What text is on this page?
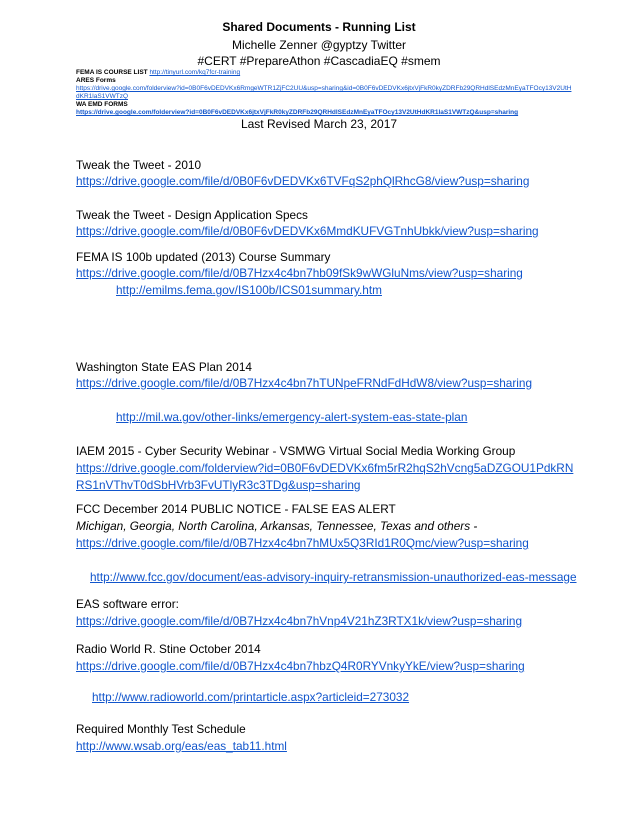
Shared Documents - Running List
Michelle Zenner @gyptzy Twitter
#CERT #PrepareAthon #CascadiaEQ #smem
FEMA IS COURSE LIST http://tinyurl.com/kq7fcr-training
ARES Forms
https://drive.google.com/folderview?id=0B0F6vDEDVKx6RmgeWTR1ZjFC2UU&usp=sharing&id=0B0F6vDEDVKx6jtxVjFkR0kyZDRFb29QRHdlSEdzMnEyaTFOcy13V2UtH
dKR1laS1VWTzQ
WA EMD FORMS
https://drive.google.com/folderview?id=0B0F6vDEDVKx6jtxVjFkR0kyZDRFb29QRHdlSEdzMnEyaTFOcy13V2UtHdKR1laS1VWTzQ&usp=sharing
Last Revised March 23, 2017
Tweak the Tweet - 2010
https://drive.google.com/file/d/0B0F6vDEDVKx6TVFqS2phQlRhcG8/view?usp=sharing
Tweak the Tweet - Design Application Specs
https://drive.google.com/file/d/0B0F6vDEDVKx6MmdKUFVGTnhUbkk/view?usp=sharing
FEMA IS 100b updated (2013) Course Summary
https://drive.google.com/file/d/0B7Hzx4c4bn7hb09fSk9wWGluNms/view?usp=sharing
http://emilms.fema.gov/IS100b/ICS01summary.htm
Washington State EAS Plan 2014
https://drive.google.com/file/d/0B7Hzx4c4bn7hTUNpeFRNdFdHdW8/view?usp=sharing
http://mil.wa.gov/other-links/emergency-alert-system-eas-state-plan
IAEM 2015 - Cyber Security Webinar - VSMWG Virtual Social Media Working Group
https://drive.google.com/folderview?id=0B0F6vDEDVKx6fm5rR2hqS2hVcng5aDZGOU1PdkRN
RS1nVThvT0dSbHVrb3FvUTlyR3c3TDg&usp=sharing
FCC December 2014 PUBLIC NOTICE - FALSE EAS ALERT
Michigan, Georgia, North Carolina, Arkansas, Tennessee, Texas and others -
https://drive.google.com/file/d/0B7Hzx4c4bn7hMUx5Q3RId1R0Qmc/view?usp=sharing
http://www.fcc.gov/document/eas-advisory-inquiry-retransmission-unauthorized-eas-message
EAS software error:
https://drive.google.com/file/d/0B7Hzx4c4bn7hVnp4V21hZ3RTX1k/view?usp=sharing
Radio World R. Stine October 2014
https://drive.google.com/file/d/0B7Hzx4c4bn7hbzQ4R0RYVnkyYkE/view?usp=sharing
http://www.radioworld.com/printarticle.aspx?articleid=273032
Required Monthly Test Schedule
http://www.wsab.org/eas/eas_tab11.html
